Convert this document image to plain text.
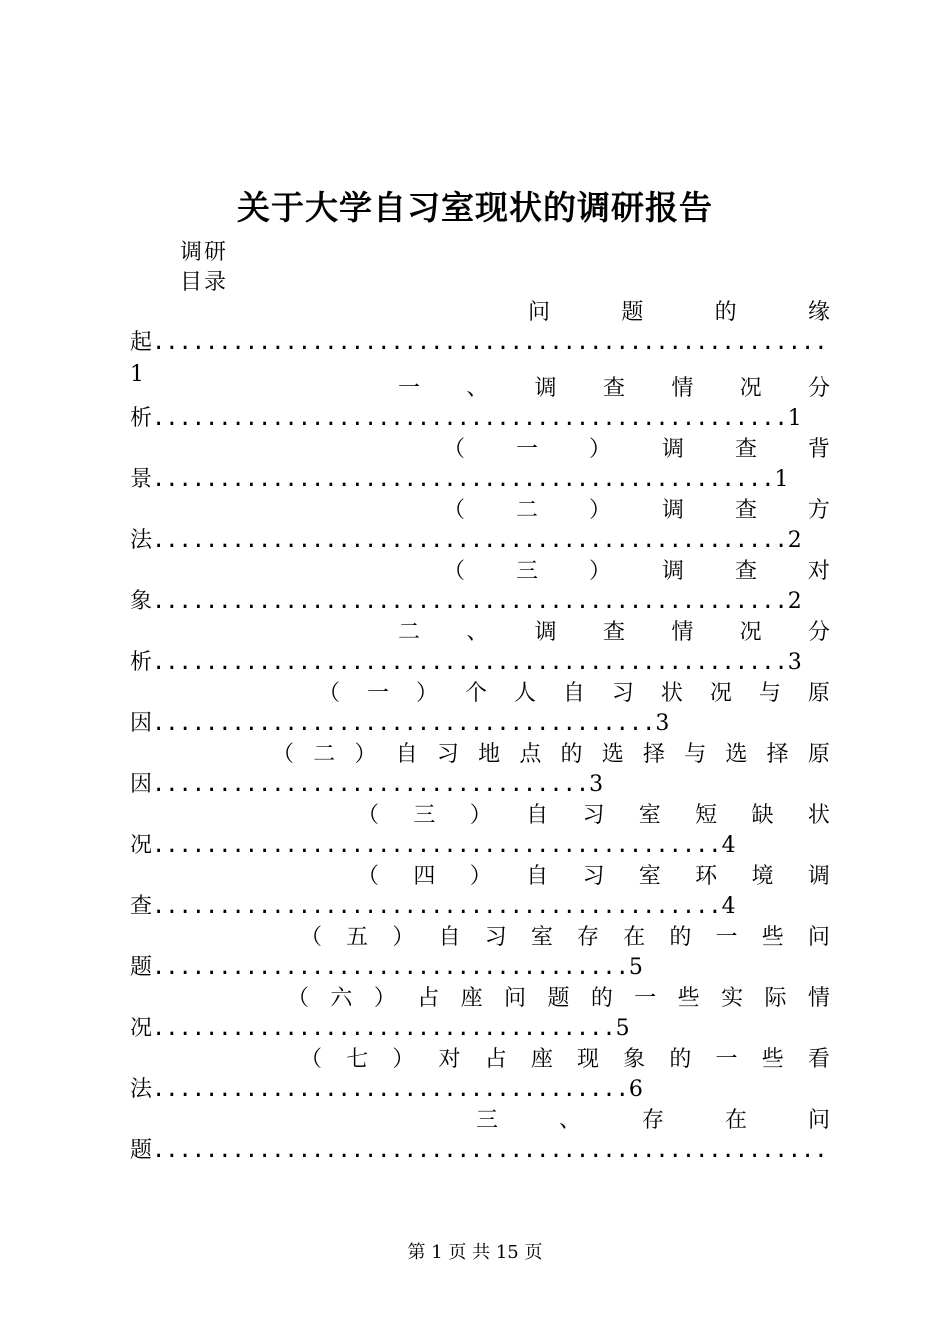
关于大学自习室现状的调研报告
调研
目录
问	题	的	缘
起...................................................
1
一 、 调 查 情 况 分
析................................................1
（ 一 ） 调 查 背
景...............................................1
（ 二 ） 调 查 方
法................................................2
（ 三 ） 调 查 对
象................................................2
二 、 调 查 情 况 分
析................................................3
（ 一 ） 个 人 自 习 状 况 与 原
因......................................3
（ 二 ） 自 习 地 点 的 选 择 与 选 择 原
因.................................3
（ 三 ） 自 习 室 短 缺 状
况...........................................4
（ 四 ） 自 习 室 环 境 调
查...........................................4
（ 五 ） 自 习 室 存 在 的 一 些 问
题....................................5
（ 六 ） 占 座 问 题 的 一 些 实 际 情
况...................................5
（ 七 ） 对 占 座 现 象 的 一 些 看
法....................................6
三	、	存	在	问
题...................................................
第 1 页 共 15 页
